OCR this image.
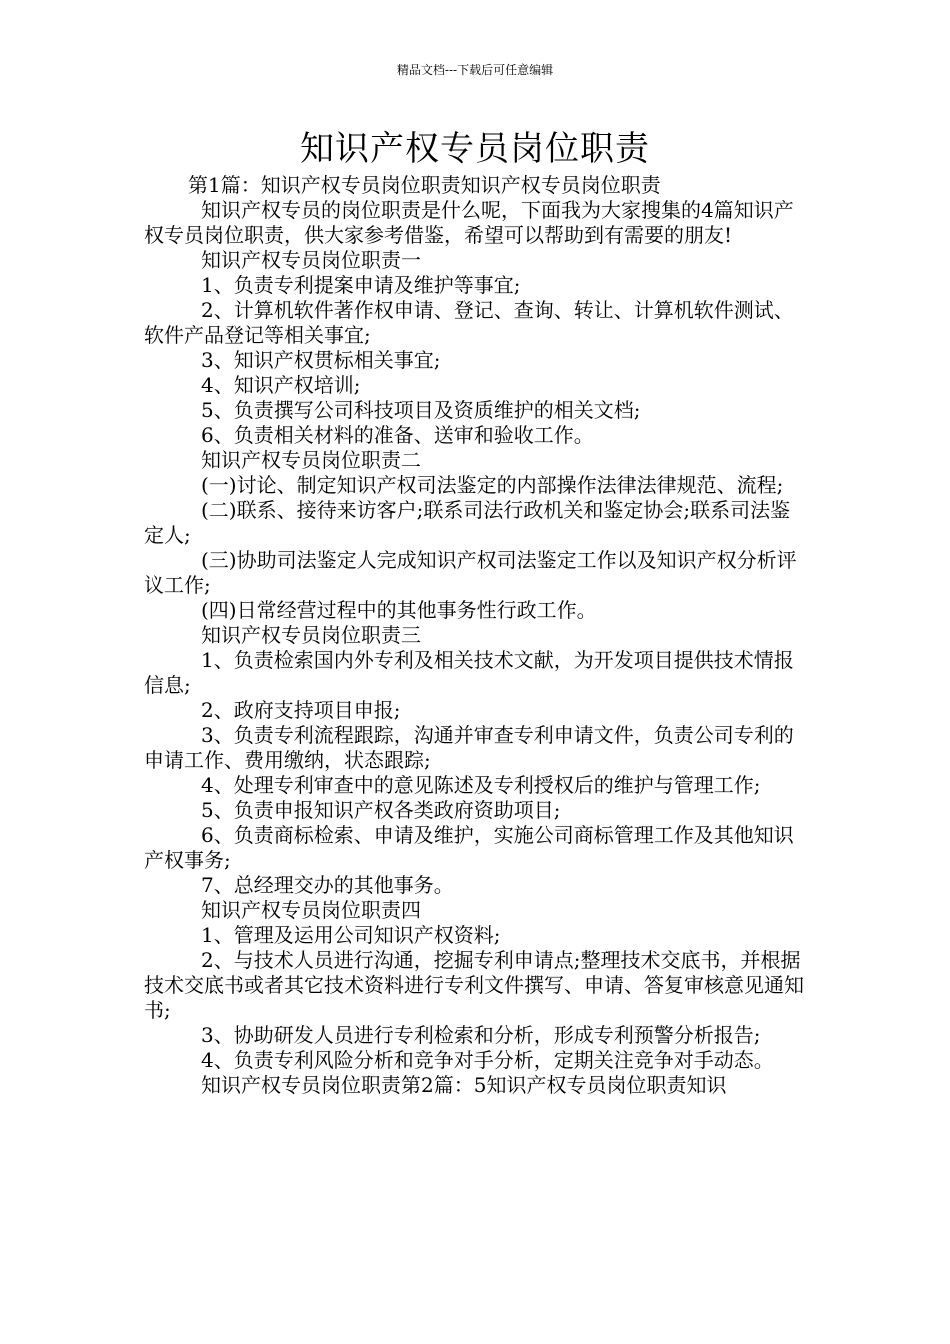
精品文档---下载后可任意编辑
知识产权专员岗位职责

第1篇：知识产权专员岗位职责知识产权专员岗位职责

知识产权专员的岗位职责是什么呢，下面我为大家搜集的4篇知识产权专员岗位职责，供大家参考借鉴，希望可以帮助到有需要的朋友!

知识产权专员岗位职责一

1、负责专利提案申请及维护等事宜;

2、计算机软件著作权申请、登记、查询、转让、计算机软件测试、软件产品登记等相关事宜;

3、知识产权贯标相关事宜;

4、知识产权培训;

5、负责撰写公司科技项目及资质维护的相关文档;

6、负责相关材料的准备、送审和验收工作。

知识产权专员岗位职责二

(一)讨论、制定知识产权司法鉴定的内部操作法律法律规范、流程;

(二)联系、接待来访客户;联系司法行政机关和鉴定协会;联系司法鉴定人;

(三)协助司法鉴定人完成知识产权司法鉴定工作以及知识产权分析评议工作;

(四)日常经营过程中的其他事务性行政工作。

知识产权专员岗位职责三

1、负责检索国内外专利及相关技术文献，为开发项目提供技术情报信息;

2、政府支持项目申报;

3、负责专利流程跟踪，沟通并审查专利申请文件，负责公司专利的申请工作、费用缴纳，状态跟踪;

4、处理专利审查中的意见陈述及专利授权后的维护与管理工作;

5、负责申报知识产权各类政府资助项目;

6、负责商标检索、申请及维护，实施公司商标管理工作及其他知识产权事务;

7、总经理交办的其他事务。

知识产权专员岗位职责四

1、管理及运用公司知识产权资料;

2、与技术人员进行沟通，挖掘专利申请点;整理技术交底书，并根据技术交底书或者其它技术资料进行专利文件撰写、申请、答复审核意见通知书;

3、协助研发人员进行专利检索和分析，形成专利预警分析报告;

4、负责专利风险分析和竞争对手分析，定期关注竞争对手动态。

知识产权专员岗位职责第2篇：5知识产权专员岗位职责知识
